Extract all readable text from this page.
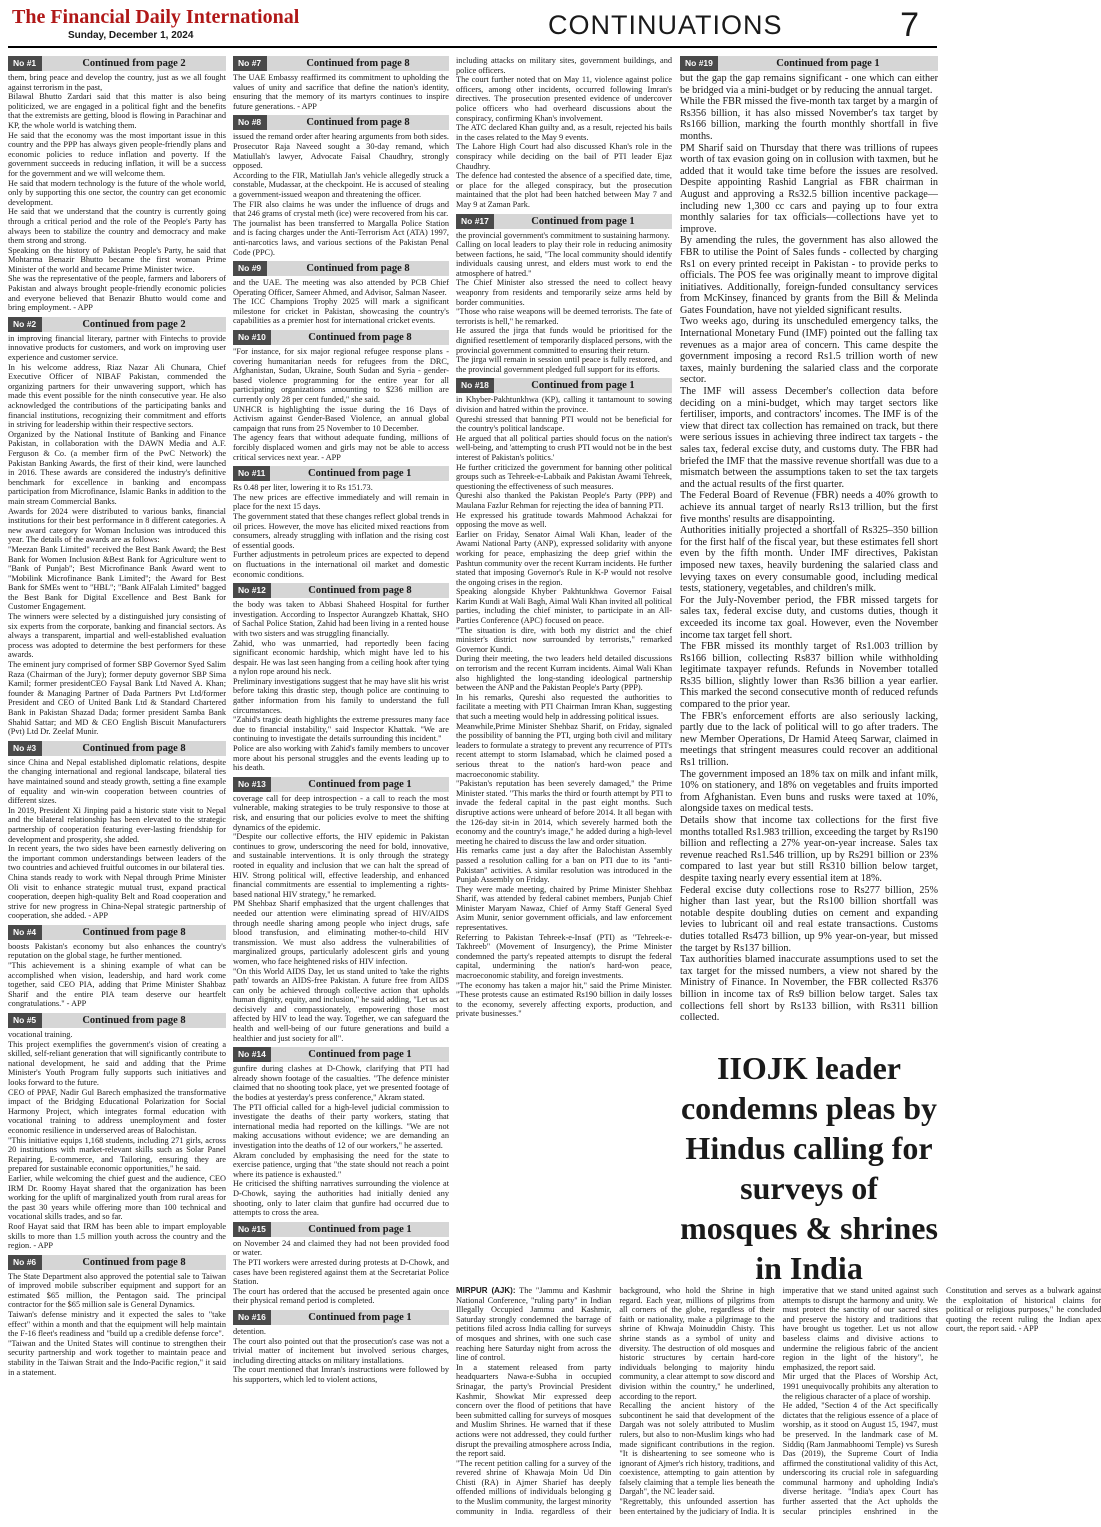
The Financial Daily International
Sunday, December 1, 2024	CONTINUATIONS	7
No #1	Continued from page 2

them, bring peace and develop the country, just as we all fought against terrorism in the past,

Bilawal Bhutto Zardari said that this matter is also being politicized, we are engaged in a political fight and the benefits that the extremists are getting, blood is flowing in Parachinar and KP, the whole world is watching them.

He said that the economy was the most important issue in this country and the PPP has always given people-friendly plans and economic policies to reduce inflation and poverty. If the government succeeds in reducing inflation, it will be a success for the government and we will welcome them.

He said that modern technology is the future of the whole world, only by supporting this one sector, the country can get economic development.

He said that we understand that the country is currently going through a critical period and the role of the People's Party has always been to stabilize the country and democracy and make them strong and strong.

Speaking on the history of Pakistan People's Party, he said that Mohtarma Benazir Bhutto became the first woman Prime Minister of the world and became Prime Minister twice.

She was the representative of the people, farmers and laborers of Pakistan and always brought people-friendly economic policies and everyone believed that Benazir Bhutto would come and bring employment. - APP

No #2	Continued from page 2

in improving financial literary, partner with Fintechs to provide innovative products for customers, and work on improving user experience and customer service.

In his welcome address, Riaz Nazar Ali Chunara, Chief Executive Officer of NIBAF Pakistan, commended the organizing partners for their unwavering support, which has made this event possible for the ninth consecutive year. He also acknowledged the contributions of the participating banks and financial institutions, recognizing their commitment and efforts in striving for leadership within their respective sectors.

Organized by the National Institute of Banking and Finance Pakistan, in collaboration with the DAWN Media and A.F. Ferguson & Co. (a member firm of the PwC Network) the Pakistan Banking Awards, the first of their kind, were launched in 2016. These awards are considered the industry's definitive benchmark for excellence in banking and encompass participation from Microfinance, Islamic Banks in addition to the main stream Commercial Banks.

Awards for 2024 were distributed to various banks, financial institutions for their best performance in 8 different categories. A new award category for Woman Inclusion was introduced this year. The details of the awards are as follows:

"Meezan Bank Limited" received the Best Bank Award; the Best Bank for Women Inclusion &Best Bank for Agriculture went to "Bank of Punjab"; Best Microfinance Bank Award went to "Mobilink Microfinance Bank Limited"; the Award for Best Bank for SMEs went to "HBL"; "Bank AlFalah Limited" bagged the Best Bank for Digital Excellence and Best Bank for Customer Engagement.

The winners were selected by a distinguished jury consisting of six experts from the corporate, banking and financial sectors. As always a transparent, impartial and well-established evaluation process was adopted to determine the best performers for these awards.

The eminent jury comprised of former SBP Governor Syed Salim Raza (Chairman of the Jury); former deputy governor SBP Sima Kamil; former presidentCEO Faysal Bank Ltd Naved A. Khan; founder & Managing Partner of Dada Partners Pvt Ltd/former President and CEO of United Bank Ltd & Standard Chartered Bank in Pakistan Shazad Dada; former president Samba Bank Shahid Sattar; and MD & CEO English Biscuit Manufacturers (Pvt) Ltd Dr. Zeelaf Munir.

No #3	Continued from page 8

since China and Nepal established diplomatic relations, despite the changing international and regional landscape, bilateral ties have maintained sound and steady growth, setting a fine example of equality and win-win cooperation between countries of different sizes.

In 2019, President Xi Jinping paid a historic state visit to Nepal and the bilateral relationship has been elevated to the strategic partnership of cooperation featuring ever-lasting friendship for development and prosperity, she added.

In recent years, the two sides have been earnestly delivering on the important common understandings between leaders of the two countries and achieved fruitful outcomes in our bilateral ties.

China stands ready to work with Nepal through Prime Minister Oli visit to enhance strategic mutual trust, expand practical cooperation, deepen high-quality Belt and Road cooperation and strive for new progress in China-Nepal strategic partnership of cooperation, she added. - APP

No #4	Continued from page 8

boosts Pakistan's economy but also enhances the country's reputation on the global stage, he further mentioned.

"This achievement is a shining example of what can be accomplished when vision, leadership, and hard work come together, said CEO PIA, adding that Prime Minister Shahbaz Sharif and the entire PIA team deserve our heartfelt congratulations." - APP

No #5	Continued from page 8

vocational training.

This project exemplifies the government's vision of creating a skilled, self-reliant generation that will significantly contribute to national development, he said and adding that the Prime Minister's Youth Program fully supports such initiatives and looks forward to the future.

CEO of PPAF, Nadir Gul Barech emphasized the transformative impact of the Bridging Educational Polarization for Social Harmony Project, which integrates formal education with vocational training to address unemployment and foster economic resilience in underserved areas of Balochistan.

"This initiative equips 1,168 students, including 271 girls, across 20 institutions with market-relevant skills such as Solar Panel Repairing, E-commerce, and Tailoring, ensuring they are prepared for sustainable economic opportunities," he said.

Earlier, while welcoming the chief guest and the audience, CEO IRM Dr. Roomy Hayat shared that the organization has been working for the uplift of marginalized youth from rural areas for the past 30 years while offering more than 100 technical and vocational skills trades, and so far.

Roof Hayat said that IRM has been able to impart employable skills to more than 1.5 million youth across the country and the region. - APP

No #6	Continued from page 8

The State Department also approved the potential sale to Taiwan of improved mobile subscriber equipment and support for an estimated $65 million, the Pentagon said. The principal contractor for the $65 million sale is General Dynamics.

Taiwan's defense ministry and it expected the sales to "take effect" within a month and that the equipment will help maintain the F-16 fleet's readiness and "build up a credible defense force".

"Taiwan and the United States will continue to strengthen their security partnership and work together to maintain peace and stability in the Taiwan Strait and the Indo-Pacific region," it said in a statement.

No #7	Continued from page 8

The UAE Embassy reaffirmed its commitment to upholding the values of unity and sacrifice that define the nation's identity, ensuring that the memory of its martyrs continues to inspire future generations. - APP

No #8	Continued from page 8

issued the remand order after hearing arguments from both sides.

Prosecutor Raja Naveed sought a 30-day remand, which Matiullah's lawyer, Advocate Faisal Chaudhry, strongly opposed.

According to the FIR, Matiullah Jan's vehicle allegedly struck a constable, Mudassar, at the checkpoint. He is accused of stealing a government-issued weapon and threatening the officer.

The FIR also claims he was under the influence of drugs and that 246 grams of crystal meth (ice) were recovered from his car.

The journalist has been transferred to Margalla Police Station and is facing charges under the Anti-Terrorism Act (ATA) 1997, anti-narcotics laws, and various sections of the Pakistan Penal Code (PPC).

No #9	Continued from page 8

and the UAE. The meeting was also attended by PCB Chief Operating Officer, Sameer Ahmed, and Advisor, Salman Naseer.

The ICC Champions Trophy 2025 will mark a significant milestone for cricket in Pakistan, showcasing the country's capabilities as a premier host for international cricket events.

No #10	Continued from page 8

"For instance, for six major regional refugee response plans - covering humanitarian needs for refugees from the DRC, Afghanistan, Sudan, Ukraine, South Sudan and Syria - gender-based violence programming for the entire year for all participating organizations amounting to $236 million are currently only 28 per cent funded," she said.

UNHCR is highlighting the issue during the 16 Days of Activism against Gender-Based Violence, an annual global campaign that runs from 25 November to 10 December.

The agency fears that without adequate funding, millions of forcibly displaced women and girls may not be able to access critical services next year. - APP

No #11	Continued from page 1

Rs 0.48 per liter, lowering it to Rs 151.73.

The new prices are effective immediately and will remain in place for the next 15 days.

The government stated that these changes reflect global trends in oil prices. However, the move has elicited mixed reactions from consumers, already struggling with inflation and the rising cost of essential goods.

Further adjustments in petroleum prices are expected to depend on fluctuations in the international oil market and domestic economic conditions.

No #12	Continued from page 8

the body was taken to Abbasi Shaheed Hospital for further investigation. According to Inspector Aurangzeb Khattak, SHO of Sachal Police Station, Zahid had been living in a rented house with two sisters and was struggling financially.

Zahid, who was unmarried, had reportedly been facing significant economic hardship, which might have led to his despair. He was last seen hanging from a ceiling hook after tying a nylon rope around his neck.

Preliminary investigations suggest that he may have slit his wrist before taking this drastic step, though police are continuing to gather information from his family to understand the full circumstances.

"Zahid's tragic death highlights the extreme pressures many face due to financial instability," said Inspector Khattak. "We are continuing to investigate the details surrounding this incident."

Police are also working with Zahid's family members to uncover more about his personal struggles and the events leading up to his death.

No #13	Continued from page 1

coverage call for deep introspection - a call to reach the most vulnerable, making strategies to be truly responsive to those at risk, and ensuring that our policies evolve to meet the shifting dynamics of the epidemic.

"Despite our collective efforts, the HIV epidemic in Pakistan continues to grow, underscoring the need for bold, innovative, and sustainable interventions. It is only through the strategy rooted in equality and inclusion that we can halt the spread of HIV. Strong political will, effective leadership, and enhanced financial commitments are essential to implementing a rights-based national HIV strategy," he remarked.

PM Shehbaz Sharif emphasized that the urgent challenges that needed our attention were eliminating spread of HIV/AIDS through needle sharing among people who inject drugs, safe blood transfusion, and eliminating mother-to-child HIV transmission. We must also address the vulnerabilities of marginalized groups, particularly adolescent girls and young women, who face heightened risks of HIV infection.

"On this World AIDS Day, let us stand united to 'take the rights path' towards an AIDS-free Pakistan. A future free from AIDS can only be achieved through collective action that upholds human dignity, equity, and inclusion," he said adding, "Let us act decisively and compassionately, empowering those most affected by HIV to lead the way. Together, we can safeguard the health and well-being of our future generations and build a healthier and just society for all".

No #14	Continued from page 1

gunfire during clashes at D-Chowk, clarifying that PTI had already shown footage of the casualties. "The defence minister claimed that no shooting took place, yet we presented footage of the bodies at yesterday's press conference," Akram stated.

The PTI official called for a high-level judicial commission to investigate the deaths of their party workers, stating that international media had reported on the killings. "We are not making accusations without evidence; we are demanding an investigation into the deaths of 12 of our workers," he asserted.

Akram concluded by emphasising the need for the state to exercise patience, urging that "the state should not reach a point where its patience is exhausted."

He criticised the shifting narratives surrounding the violence at D-Chowk, saying the authorities had initially denied any shooting, only to later claim that gunfire had occurred due to attempts to cross the area.

No #15	Continued from page 1

on November 24 and claimed they had not been provided food or water.

The PTI workers were arrested during protests at D-Chowk, and cases have been registered against them at the Secretariat Police Station.

The court has ordered that the accused be presented again once their physical remand period is completed.

No #16	Continued from page 1

detention.

The court also pointed out that the prosecution's case was not a trivial matter of incitement but involved serious charges, including directing attacks on military installations.

The court mentioned that Imran's instructions were followed by his supporters, which led to violent actions,

including attacks on military sites, government buildings, and police officers.

The court further noted that on May 11, violence against police officers, among other incidents, occurred following Imran's directives. The prosecution presented evidence of undercover police officers who had overheard discussions about the conspiracy, confirming Khan's involvement.

The ATC declared Khan guilty and, as a result, rejected his bails in the cases related to the May 9 events.

The Lahore High Court had also discussed Khan's role in the conspiracy while deciding on the bail of PTI leader Ejaz Chaudhry.

The defence had contested the absence of a specified date, time, or place for the alleged conspiracy, but the prosecution maintained that the plot had been hatched between May 7 and May 9 at Zaman Park.

No #17	Continued from page 1

the provincial government's commitment to sustaining harmony.

Calling on local leaders to play their role in reducing animosity between factions, he said, "The local community should identify individuals causing unrest, and elders must work to end the atmosphere of hatred."

The Chief Minister also stressed the need to collect heavy weaponry from residents and temporarily seize arms held by border communities.

"Those who raise weapons will be deemed terrorists. The fate of terrorists is hell," he remarked.

He assured the jirga that funds would be prioritised for the dignified resettlement of temporarily displaced persons, with the provincial government committed to ensuring their return.

The jirga will remain in session until peace is fully restored, and the provincial government pledged full support for its efforts.

No #18	Continued from page 1

in Khyber-Pakhtunkhwa (KP), calling it tantamount to sowing division and hatred within the province.

Qureshi stressed that banning PTI would not be beneficial for the country's political landscape.

He argued that all political parties should focus on the nation's well-being, and 'attempting to crush PTI would not be in the best interest of Pakistan's politics.'

He further criticized the government for banning other political groups such as Tehreek-e-Labbaik and Pakistan Awami Tehreek, questioning the effectiveness of such measures.

Qureshi also thanked the Pakistan People's Party (PPP) and Maulana Fazlur Rehman for rejecting the idea of banning PTI.

He expressed his gratitude towards Mahmood Achakzai for opposing the move as well.

Earlier on Friday, Senator Aimal Wali Khan, leader of the Awami National Party (ANP), expressed solidarity with anyone working for peace, emphasizing the deep grief within the Pashtun community over the recent Kurram incidents. He further stated that imposing Governor's Rule in K-P would not resolve the ongoing crises in the region.

Speaking alongside Khyber Pakhtunkhwa Governor Faisal Karim Kundi at Wali Bagh, Aimal Wali Khan invited all political parties, including the chief minister, to participate in an All-Parties Conference (APC) focused on peace.

"The situation is dire, with both my district and the chief minister's district now surrounded by terrorists," remarked Governor Kundi.

During their meeting, the two leaders held detailed discussions on terrorism and the recent Kurram incidents. Aimal Wali Khan also highlighted the long-standing ideological partnership between the ANP and the Pakistan People's Party (PPP).

In his remarks, Qureshi also requested the authorities to facilitate a meeting with PTI Chairman Imran Khan, suggesting that such a meeting would help in addressing political issues.

Meanwhile,Prime Minister Shehbaz Sharif, on Friday, signaled the possibility of banning the PTI, urging both civil and military leaders to formulate a strategy to prevent any recurrence of PTI's recent attempt to storm Islamabad, which he claimed posed a serious threat to the nation's hard-won peace and macroeconomic stability.

"Pakistan's reputation has been severely damaged," the Prime Minister stated. "This marks the third or fourth attempt by PTI to invade the federal capital in the past eight months. Such disruptive actions were unheard of before 2014. It all began with the 126-day sit-in in 2014, which severely harmed both the economy and the country's image," he added during a high-level meeting he chaired to discuss the law and order situation.

His remarks came just a day after the Balochistan Assembly passed a resolution calling for a ban on PTI due to its "anti-Pakistan" activities. A similar resolution was introduced in the Punjab Assembly on Friday.

They were made meeting, chaired by Prime Minister Shehbaz Sharif, was attended by federal cabinet members, Punjab Chief Minister Maryam Nawaz, Chief of Army Staff General Syed Asim Munir, senior government officials, and law enforcement representatives.

Referring to Pakistan Tehreek-e-Insaf (PTI) as "Tehreek-e-Takhreeb" (Movement of Insurgency), the Prime Minister condemned the party's repeated attempts to disrupt the federal capital, undermining the nation's hard-won peace, macroeconomic stability, and foreign investments.

"The economy has taken a major hit," said the Prime Minister. "These protests cause an estimated Rs190 billion in daily losses to the economy, severely affecting exports, production, and private businesses."

No #19	Continued from page 1

but the gap the gap remains significant - one which can either be bridged via a mini-budget or by reducing the annual target.

While the FBR missed the five-month tax target by a margin of Rs356 billion, it has also missed November's tax target by Rs166 billion, marking the fourth monthly shortfall in five months.

PM Sharif said on Thursday that there was trillions of rupees worth of tax evasion going on in collusion with taxmen, but he added that it would take time before the issues are resolved. Despite appointing Rashid Langrial as FBR chairman in August and approving a Rs32.5 billion incentive package—including new 1,300 cc cars and paying up to four extra monthly salaries for tax officials—collections have yet to improve.

By amending the rules, the government has also allowed the FBR to utilise the Point of Sales funds - collected by charging Rs1 on every printed receipt in Pakistan - to provide perks to officials. The POS fee was originally meant to improve digital initiatives. Additionally, foreign-funded consultancy services from McKinsey, financed by grants from the Bill & Melinda Gates Foundation, have not yielded significant results.

Two weeks ago, during its unscheduled emergency talks, the International Monetary Fund (IMF) pointed out the falling tax revenues as a major area of concern. This came despite the government imposing a record Rs1.5 trillion worth of new taxes, mainly burdening the salaried class and the corporate sector.

The IMF will assess December's collection data before deciding on a mini-budget, which may target sectors like fertiliser, imports, and contractors' incomes. The IMF is of the view that direct tax collection has remained on track, but there were serious issues in achieving three indirect tax targets - the sales tax, federal excise duty, and customs duty. The FBR had briefed the IMF that the massive revenue shortfall was due to a mismatch between the assumptions taken to set the tax targets and the actual results of the first quarter.

The Federal Board of Revenue (FBR) needs a 40% growth to achieve its annual target of nearly Rs13 trillion, but the first five months' results are disappointing.

Authorities initially projected a shortfall of Rs325–350 billion for the first half of the fiscal year, but these estimates fell short even by the fifth month. Under IMF directives, Pakistan imposed new taxes, heavily burdening the salaried class and levying taxes on every consumable good, including medical tests, stationery, vegetables, and children's milk.

For the July-November period, the FBR missed targets for sales tax, federal excise duty, and customs duties, though it exceeded its income tax goal. However, even the November income tax target fell short.

The FBR missed its monthly target of Rs1.003 trillion by Rs166 billion, collecting Rs837 billion while withholding legitimate taxpayer refunds. Refunds in November totalled Rs35 billion, slightly lower than Rs36 billion a year earlier. This marked the second consecutive month of reduced refunds compared to the prior year.

The FBR's enforcement efforts are also seriously lacking, partly due to the lack of political will to go after traders. The new Member Operations, Dr Hamid Ateeq Sarwar, claimed in meetings that stringent measures could recover an additional Rs1 trillion.

The government imposed an 18% tax on milk and infant milk, 10% on stationery, and 18% on vegetables and fruits imported from Afghanistan. Even buns and rusks were taxed at 10%, alongside taxes on medical tests.

Details show that income tax collections for the first five months totalled Rs1.983 trillion, exceeding the target by Rs190 billion and reflecting a 27% year-on-year increase. Sales tax revenue reached Rs1.546 trillion, up by Rs291 billion or 23% compared to last year but still Rs310 billion below target, despite taxing nearly every essential item at 18%.

Federal excise duty collections rose to Rs277 billion, 25% higher than last year, but the Rs100 billion shortfall was notable despite doubling duties on cement and expanding levies to lubricant oil and real estate transactions. Customs duties totalled Rs473 billion, up 9% year-on-year, but missed the target by Rs137 billion.

Tax authorities blamed inaccurate assumptions used to set the tax target for the missed numbers, a view not shared by the Ministry of Finance. In November, the FBR collected Rs376 billion in income tax of Rs9 billion below target. Sales tax collections fell short by Rs133 billion, with Rs311 billion collected.

IIOJK leader condemns pleas by Hindus calling for surveys of mosques & shrines in India

MIRPUR (AJK): The "Jammu and Kashmir National Conference, "ruling party" in Indian Illegally Occupied Jammu and Kashmir, Saturday strongly condemned the barrage of petitions filed across India calling for surveys of mosques and shrines, with one such case reaching here Saturday night from across the line of control.

In a statement released from party headquarters Nawa-e-Subha in occupied Srinagar, the party's Provincial President Kashmir, Showkat Mir expressed deep concern over the flood of petitions that have been submitted calling for surveys of mosques and Muslim Shrines. He warned that if these actions were not addressed, they could further disrupt the prevailing atmosphere across India, the report said.

"The recent petition calling for a survey of the revered shrine of Khawaja Moin Ud Din Chisti (RA) in Ajmer Sharief has deeply offended millions of individuals belonging g to the Muslim community, the largest minority community in India. regardless of their background, who hold the Shrine in high regard. Each year, millions of pilgrims from all corners of the globe, regardless of their faith or nationality, make a pilgrimage to the shrine of Khwaja Moinuddin Chisty. This shrine stands as a symbol of unity and diversity. The destruction of old mosques and historic structures by certain hard-core individuals belonging to majority hindu community, a clear attempt to sow discord and division within the country," he underlined, according to the report.

Recalling the ancient history of the subcontinent he said that development of the Dargah was not solely attributed to Muslim rulers, but also to non-Muslim kings who had made significant contributions in the region. "It is disheartening to see someone who is ignorant of Ajmer's rich history, traditions, and coexistence, attempting to gain attention by falsely claiming that a temple lies beneath the Dargah", the NC leader said.

"Regrettably, this unfounded assertion has been entertained by the judiciary of India. It is imperative that we stand united against such attempts to disrupt the harmony and unity. We must protect the sanctity of our sacred sites and preserve the history and traditions that have brought us together. Let us not allow baseless claims and divisive actions to undermine the religious fabric of the ancient region in the light of the history", he emphasized, the report said.

Mir urged that the Places of Worship Act, 1991 unequivocally prohibits any alteration to the religious character of a place of worship.

He added, "Section 4 of the Act specifically dictates that the religious essence of a place of worship, as it stood on August 15, 1947, must be preserved. In the landmark case of M. Siddiq (Ram Janmabhoomi Temple) vs Suresh Das (2019), the Supreme Court of India affirmed the constitutional validity of this Act, underscoring its crucial role in safeguarding communal harmony and upholding India's diverse heritage. "India's apex Court has further asserted that the Act upholds the secular principles enshrined in the Constitution and serves as a bulwark against the exploitation of historical claims for political or religious purposes," he concluded quoting the recent ruling the Indian apex court, the report said. - APP
